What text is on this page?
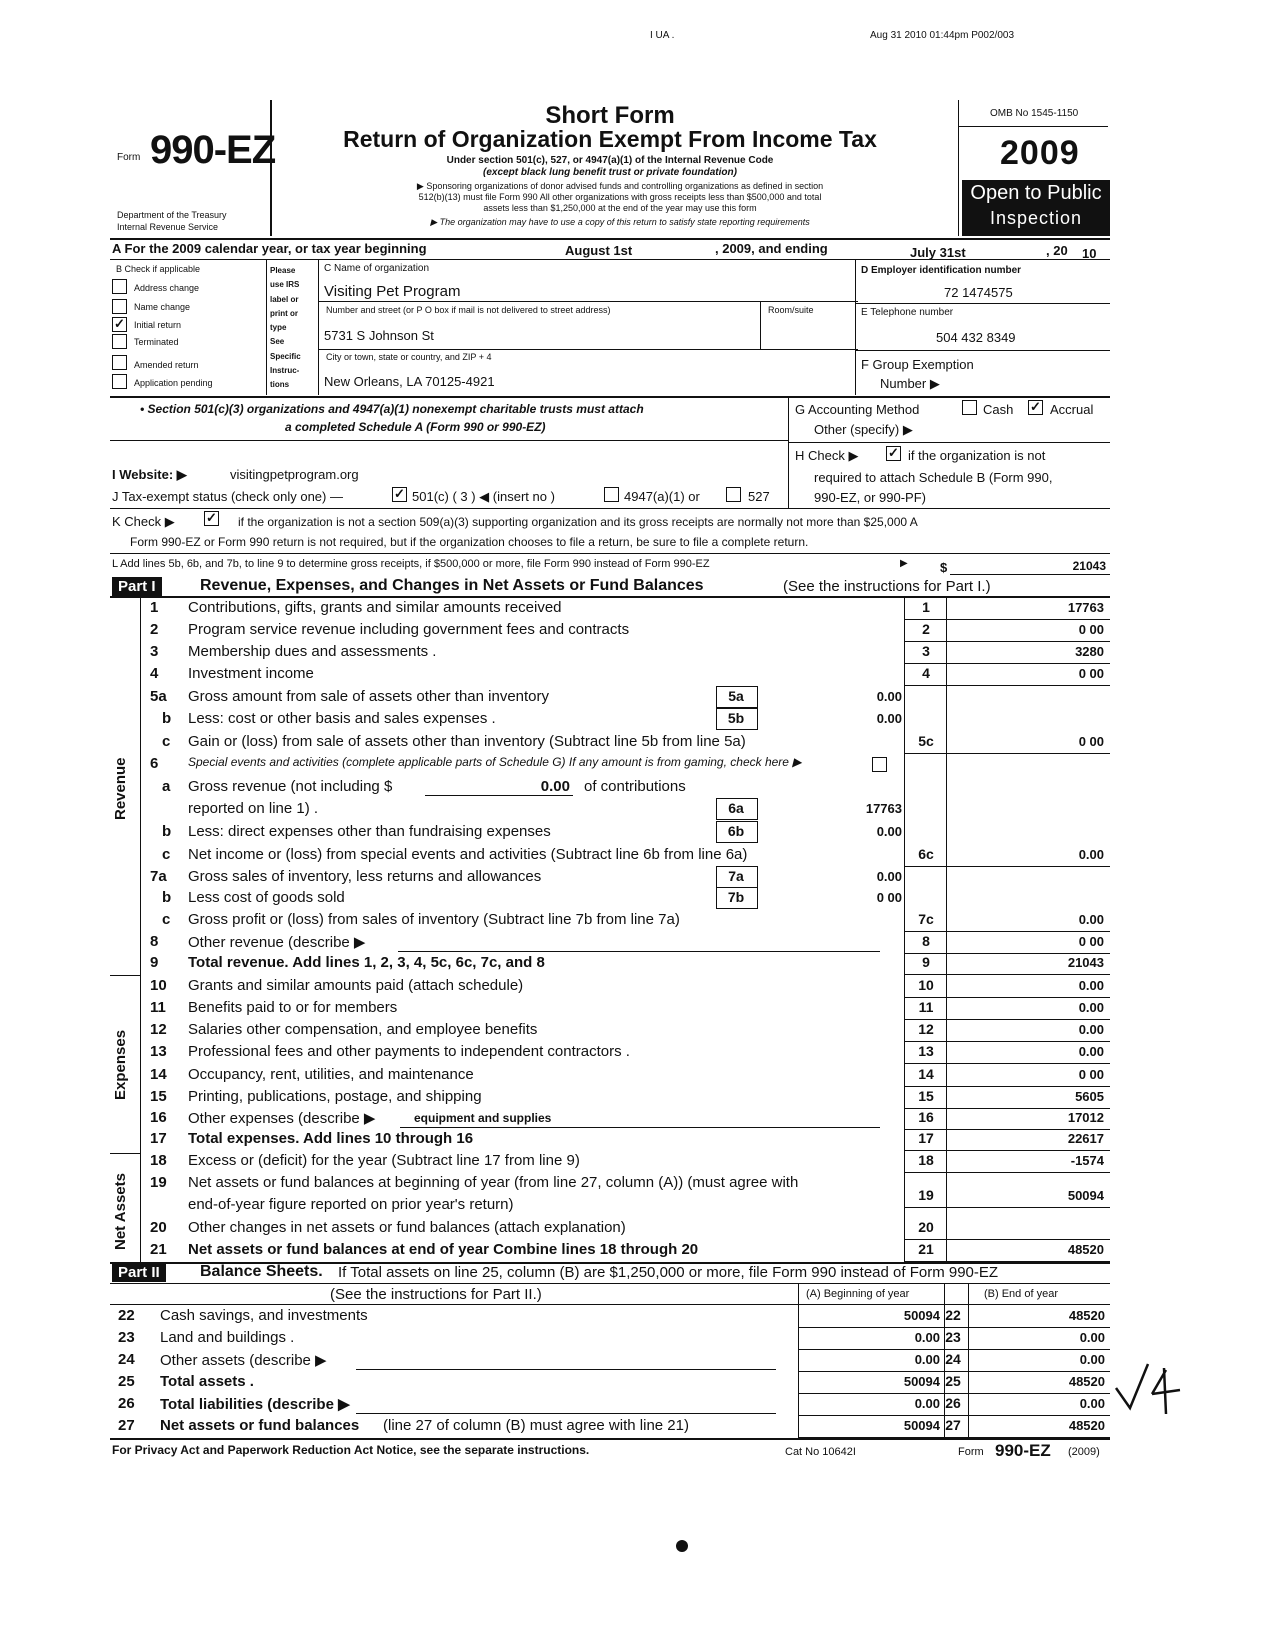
I UA .	Aug 31 2010 01:44pm P002/003
Form 990-EZ
Department of the Treasury
Internal Revenue Service
Short Form
Return of Organization Exempt From Income Tax
Under section 501(c), 527, or 4947(a)(1) of the Internal Revenue Code
(except black lung benefit trust or private foundation)
▶ Sponsoring organizations of donor advised funds and controlling organizations as defined in section
512(b)(13) must file Form 990 All other organizations with gross receipts less than $500,000 and total
assets less than $1,250,000 at the end of the year may use this form
▶ The organization may have to use a copy of this return to satisfy state reporting requirements
OMB No 1545-1150
2009
Open to Public
Inspection
A For the 2009 calendar year, or tax year beginning	August 1st	, 2009, and ending	July 31st	, 20 10
B Check if applicable
Address change
Name change
✓ Initial return
Terminated
Amended return
Application pending
Please
use IRS
label or
print or
type
See
Specific
Instruc-
tions
C Name of organization
Visiting Pet Program
Number and street (or P O box if mail is not delivered to street address)	Room/suite
5731 S Johnson St
City or town, state or country, and ZIP + 4
New Orleans, LA 70125-4921
D Employer identification number
72 1474575
E Telephone number
504 432 8349
F Group Exemption
Number ▶
• Section 501(c)(3) organizations and 4947(a)(1) nonexempt charitable trusts must attach
a completed Schedule A (Form 990 or 990-EZ)
G Accounting Method	Cash ✓ Accrual
Other (specify) ▶
H Check ▶ ✓ if the organization is not
required to attach Schedule B (Form 990,
990-EZ, or 990-PF)
I Website: ▶	visitingpetprogram.org
J Tax-exempt status (check only one) —	✓ 501(c) ( 3 ) ◀ (insert no )	4947(a)(1) or	527
K Check ▶ ✓ if the organization is not a section 509(a)(3) supporting organization and its gross receipts are normally not more than $25,000 A
Form 990-EZ or Form 990 return is not required, but if the organization chooses to file a return, be sure to file a complete return.
L Add lines 5b, 6b, and 7b, to line 9 to determine gross receipts, if $500,000 or more, file Form 990 instead of Form 990-EZ	▶ $	21043
Part I	Revenue, Expenses, and Changes in Net Assets or Fund Balances	(See the instructions for Part I.)
1	Contributions, gifts, grants and similar amounts received	1	17763
2	Program service revenue including government fees and contracts	2	0 00
3	Membership dues and assessments .	3	3280
4	Investment income	4	0 00
5a	Gross amount from sale of assets other than inventory	5a	0.00
b	Less: cost or other basis and sales expenses .	5b	0.00
c	Gain or (loss) from sale of assets other than inventory (Subtract line 5b from line 5a)	5c	0 00
6	Special events and activities (complete applicable parts of Schedule G) If any amount is from gaming, check here ▶
a	Gross revenue (not including $	0.00 of contributions
reported on line 1) .	6a	17763
b	Less: direct expenses other than fundraising expenses	6b	0.00
c	Net income or (loss) from special events and activities (Subtract line 6b from line 6a)	6c	0.00
7a	Gross sales of inventory, less returns and allowances	7a	0.00
b	Less cost of goods sold	7b	0 00
c	Gross profit or (loss) from sales of inventory (Subtract line 7b from line 7a)	7c	0.00
8	Other revenue (describe ▶	8	0 00
9	Total revenue. Add lines 1, 2, 3, 4, 5c, 6c, 7c, and 8	9	21043
10	Grants and similar amounts paid (attach schedule)	10	0.00
11	Benefits paid to or for members	11	0.00
12	Salaries other compensation, and employee benefits	12	0.00
13	Professional fees and other payments to independent contractors .	13	0.00
14	Occupancy, rent, utilities, and maintenance	14	0 00
15	Printing, publications, postage, and shipping	15	5605
16	Other expenses (describe ▶	equipment and supplies	16	17012
17	Total expenses. Add lines 10 through 16	17	22617
18	Excess or (deficit) for the year (Subtract line 17 from line 9)	18	-1574
19	Net assets or fund balances at beginning of year (from line 27, column (A)) (must agree with
end-of-year figure reported on prior year's return)
19	50094
20	Other changes in net assets or fund balances (attach explanation)	20
21	Net assets or fund balances at end of year Combine lines 18 through 20	21	48520
Revenue
Expenses
Net Assets
Part II	Balance Sheets. If Total assets on line 25, column (B) are $1,250,000 or more, file Form 990 instead of Form 990-EZ
(See the instructions for Part II.)	(A) Beginning of year	(B) End of year
22	Cash savings, and investments	50094 22	48520
23	Land and buildings .	0.00 23	0.00
24	Other assets (describe ▶	0.00 24	0.00
25	Total assets .	50094 25	48520
26	Total liabilities (describe ▶	0.00 26	0.00
27	Net assets or fund balances (line 27 of column (B) must agree with line 21)	50094 27	48520
For Privacy Act and Paperwork Reduction Act Notice, see the separate instructions.	Cat No 10642I	Form 990-EZ (2009)
